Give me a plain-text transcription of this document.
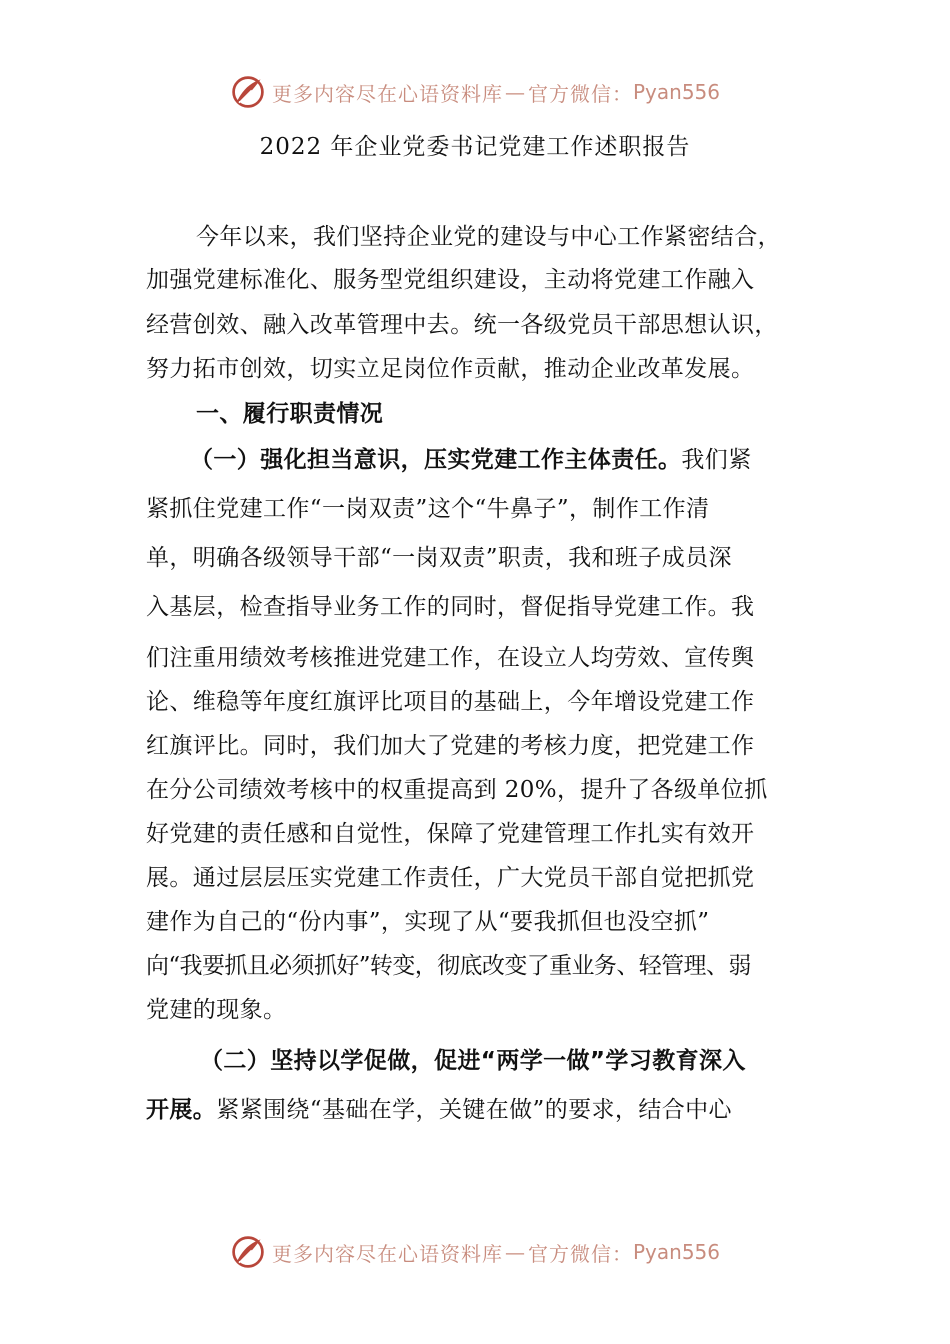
更多内容尽在心语资料库 — 官方微信： Pyan556
2022 年企业党委书记党建工作述职报告
今年以来，我们坚持企业党的建设与中心工作紧密结合，
加强党建标准化、服务型党组织建设，主动将党建工作融入
经营创效、融入改革管理中去。统一各级党员干部思想认识，
努力拓市创效，切实立足岗位作贡献，推动企业改革发展。
一、履行职责情况
（一）强化担当意识，压实党建工作主体责任。我们紧
紧抓住党建工作“一岗双责”这个“牛鼻子”，制作工作清
单，明确各级领导干部“一岗双责”职责，我和班子成员深
入基层，检查指导业务工作的同时，督促指导党建工作。我
们注重用绩效考核推进党建工作，在设立人均劳效、宣传舆
论、维稳等年度红旗评比项目的基础上，今年增设党建工作
红旗评比。同时，我们加大了党建的考核力度，把党建工作
在分公司绩效考核中的权重提高到 20%，提升了各级单位抓
好党建的责任感和自觉性，保障了党建管理工作扎实有效开
展。通过层层压实党建工作责任，广大党员干部自觉把抓党
建作为自己的“份内事”，实现了从“要我抓但也没空抓”
向“我要抓且必须抓好”转变，彻底改变了重业务、轻管理、弱
党建的现象。
（二）坚持以学促做，促进“两学一做”学习教育深入
开展。紧紧围绕“基础在学，关键在做”的要求，结合中心
更多内容尽在心语资料库 — 官方微信： Pyan556
